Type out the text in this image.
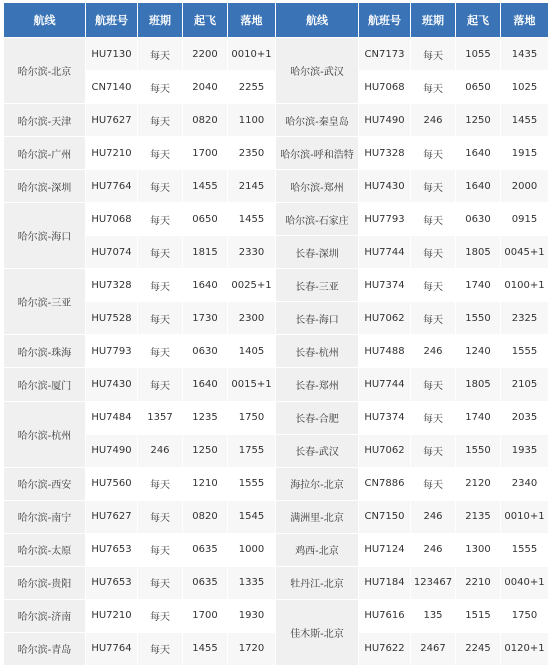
航线	航班号	班期	起飞	落地	航线	航班号	班期	起飞	落地
哈尔滨-北京	HU7130	每天	2200	0010+1	哈尔滨-武汉	CN7173	每天	1055	1435
	CN7140	每天	2040	2255		HU7068	每天	0650	1025
哈尔滨-天津	HU7627	每天	0820	1100	哈尔滨-秦皇岛	HU7490	246	1250	1455
哈尔滨-广州	HU7210	每天	1700	2350	哈尔滨-呼和浩特	HU7328	每天	1640	1915
哈尔滨-深圳	HU7764	每天	1455	2145	哈尔滨-郑州	HU7430	每天	1640	2000
哈尔滨-海口	HU7068	每天	0650	1455	哈尔滨-石家庄	HU7793	每天	0630	0915
	HU7074	每天	1815	2330	长春-深圳	HU7744	每天	1805	0045+1
哈尔滨-三亚	HU7328	每天	1640	0025+1	长春-三亚	HU7374	每天	1740	0100+1
	HU7528	每天	1730	2300	长春-海口	HU7062	每天	1550	2325
哈尔滨-珠海	HU7793	每天	0630	1405	长春-杭州	HU7488	246	1240	1555
哈尔滨-厦门	HU7430	每天	1640	0015+1	长春-郑州	HU7744	每天	1805	2105
哈尔滨-杭州	HU7484	1357	1235	1750	长春-合肥	HU7374	每天	1740	2035
	HU7490	246	1250	1755	长春-武汉	HU7062	每天	1550	1935
哈尔滨-西安	HU7560	每天	1210	1555	海拉尔-北京	CN7886	每天	2120	2340
哈尔滨-南宁	HU7627	每天	0820	1545	满洲里-北京	CN7150	246	2135	0010+1
哈尔滨-太原	HU7653	每天	0635	1000	鸡西-北京	HU7124	246	1300	1555
哈尔滨-贵阳	HU7653	每天	0635	1335	牡丹江-北京	HU7184	123467	2210	0040+1
哈尔滨-济南	HU7210	每天	1700	1930	佳木斯-北京	HU7616	135	1515	1750
哈尔滨-青岛	HU7764	每天	1455	1720		HU7622	2467	2245	0120+1
